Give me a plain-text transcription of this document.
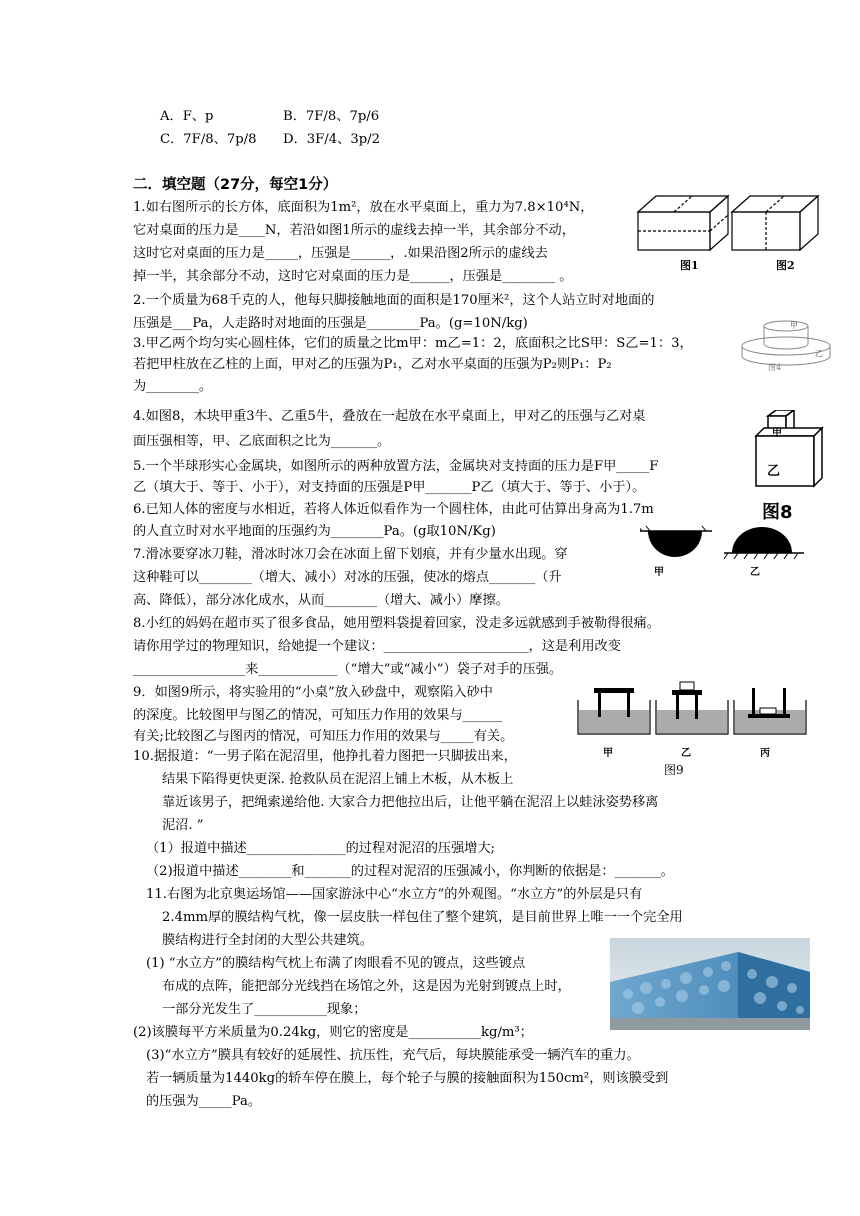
A．F、p	B．7F/8、7p/6
C．7F/8、7p/8 D．3F/4、3p/2
二．填空题（27分，每空1分）
1.如右图所示的长方体，底面积为1m²，放在水平桌面上，重力为7.8×10⁴N，
它对桌面的压力是____N，若沿如图1所示的虚线去掉一半，其余部分不动，
这时它对桌面的压力是_____，压强是______，.如果沿图2所示的虚线去
掉一半，其余部分不动，这时它对桌面的压力是______，压强是________ 。
2.一个质量为68千克的人，他每只脚接触地面的面积是170厘米²，这个人站立时对地面的
压强是___Pa，人走路时对地面的压强是________Pa。(g=10N/kg)
3.甲乙两个均匀实心圆柱体，它们的质量之比m甲：m乙=1：2，底面积之比S甲：S乙=1：3，
若把甲柱放在乙柱的上面，甲对乙的压强为P₁，乙对水平桌面的压强为P₂则P₁：P₂
为________。
4.如图8，木块甲重3牛、乙重5牛，叠放在一起放在水平桌面上，甲对乙的压强与乙对桌
面压强相等，甲、乙底面积之比为_______。
5.一个半球形实心金属块，如图所示的两种放置方法，金属块对支持面的压力是F甲_____F
乙（填大于、等于、小于），对支持面的压强是P甲_______P乙（填大于、等于、小于）。
6.已知人体的密度与水相近，若将人体近似看作为一个圆柱体，由此可估算出身高为1.7m
的人直立时对水平地面的压强约为________Pa。(g取10N/Kg)
7.滑冰要穿冰刀鞋，滑冰时冰刀会在冰面上留下划痕，并有少量水出现。穿
这种鞋可以________（增大、减小）对冰的压强，使冰的熔点_______（升
高、降低），部分冰化成水，从而________（增大、减小）摩擦。
8.小红的妈妈在超市买了很多食品，她用塑料袋提着回家，没走多远就感到手被勒得很痛。
请你用学过的物理知识，给她提一个建议：______________________，这是利用改变
_________________来____________（“增大”或“减小”）袋子对手的压强。
9．如图9所示，将实验用的“小桌”放入砂盘中，观察陷入砂中
的深度。比较图甲与图乙的情况，可知压力作用的效果与______
有关;比较图乙与图丙的情况，可知压力作用的效果与_____有关。
10.据报道：“一男子陷在泥沼里，他挣扎着力图把一只脚拔出来，
结果下陷得更快更深. 抢救队员在泥沼上铺上木板，从木板上
靠近该男子，把绳索递给他. 大家合力把他拉出后，让他平躺在泥沼上以蛙泳姿势移离
泥沼. ”
（1）报道中描述_______________的过程对泥沼的压强增大;
（2)报道中描述________和_______的过程对泥沼的压强减小，你判断的依据是：_______。
11.右图为北京奥运场馆——国家游泳中心“水立方”的外观图。“水立方”的外层是只有
2.4mm厚的膜结构气枕，像一层皮肤一样包住了整个建筑，是目前世界上唯一一个完全用
膜结构进行全封闭的大型公共建筑。
(1) “水立方”的膜结构气枕上布满了肉眼看不见的镀点，这些镀点
布成的点阵，能把部分光线挡在场馆之外，这是因为光射到镀点上时，
一部分光发生了___________现象；
(2)该膜每平方米质量为0.24kg，则它的密度是___________kg/m³；
(3)“水立方”膜具有较好的延展性、抗压性，充气后，每块膜能承受一辆汽车的重力。
若一辆质量为1440kg的轿车停在膜上，每个轮子与膜的接触面积为150cm²，则该膜受到
的压强为_____Pa。
图1	图2
甲
乙
图4
甲
乙
图8
甲	乙
甲	乙	丙
图9
